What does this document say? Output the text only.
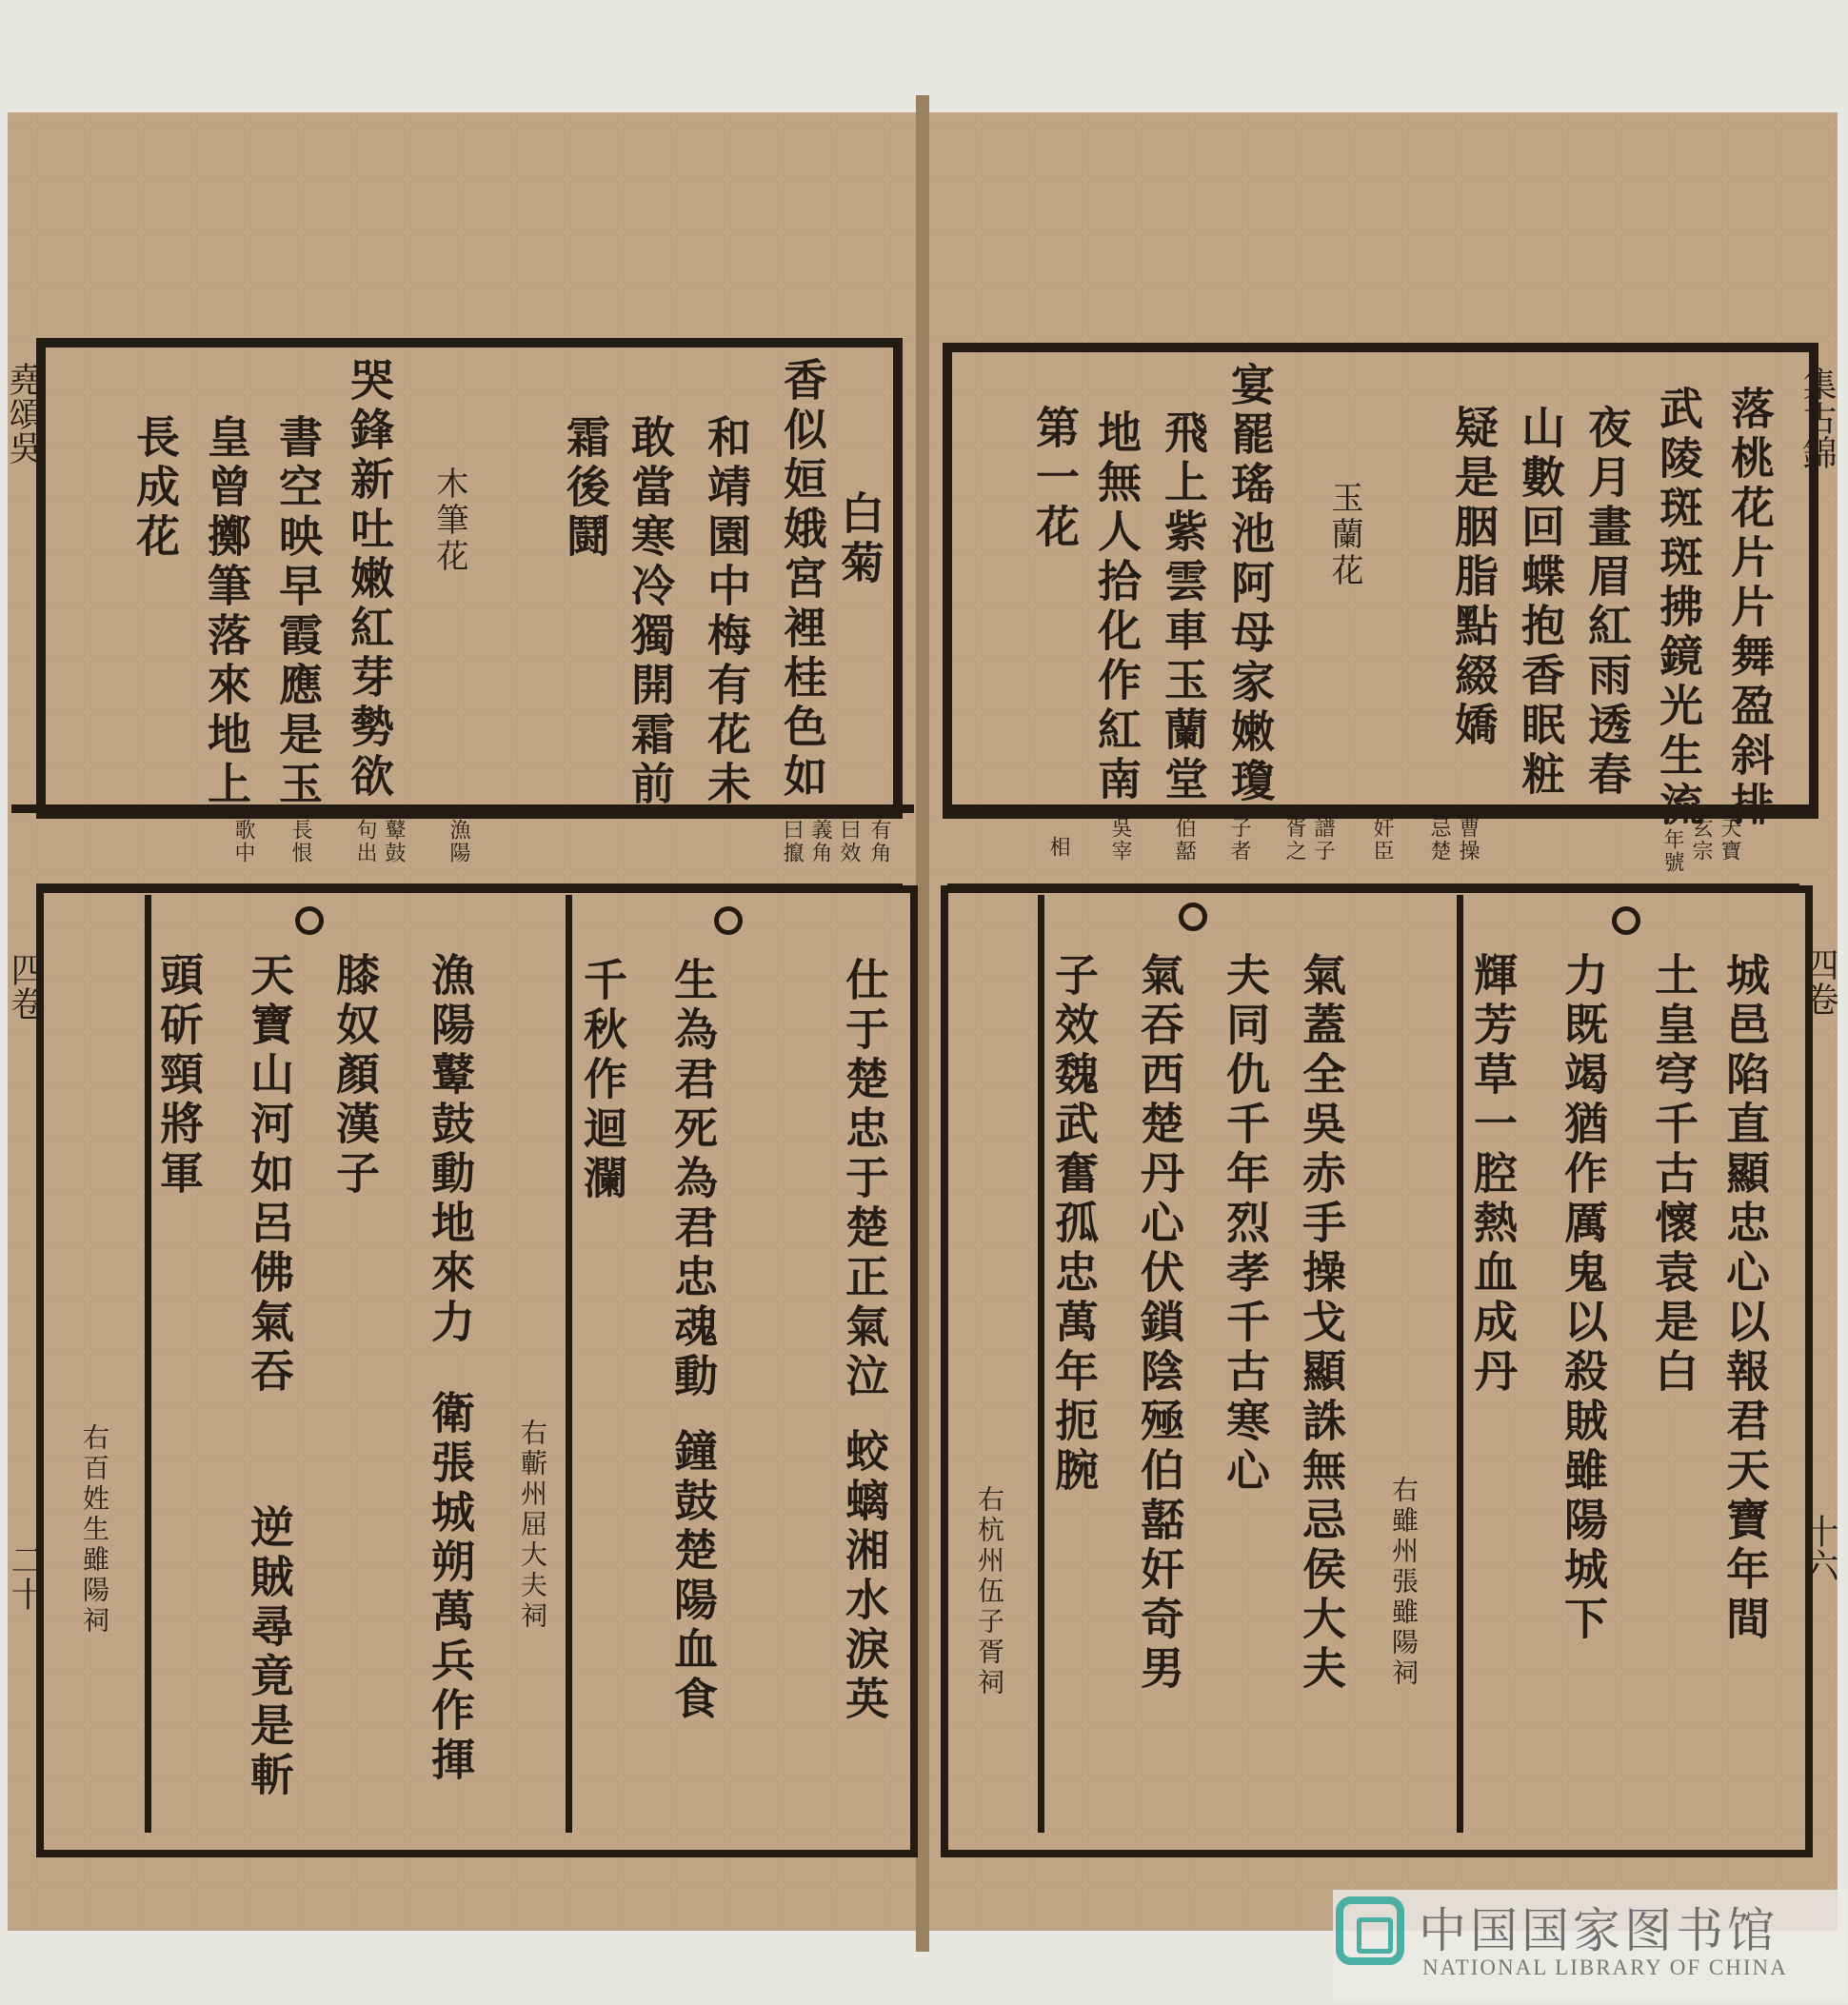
堯頌吳
四卷
二十
白菊
香似姮娥宮裡桂色如
和靖園中梅有花未
敢當寒冷獨開霜前
霜後鬪
木筆花
哭鋒新吐嫩紅芽勢欲
書空映早霞應是玉
皇曾擲筆落來地上
長成花
有角
曰效
義角
曰攛
漁陽
鼙鼓
句出
長恨
歌中
仕于楚忠于楚正氣泣
蛟螭湘水淚英
生為君死為君忠魂動
鐘鼓楚陽血食
千秋作迴瀾
右蘄州屈大夫祠
漁陽鼙鼓動地來力
衛張城朔萬兵作揮
膝奴顏漢子
天寶山河如呂佛氣吞
頭斫頸將軍
逆賊尋竟是斬
右百姓生雖陽祠
集古錦
四卷
十六
落桃花片片舞盈斜排
武陵斑斑拂鏡光生流
夜月畫眉紅雨透春
山數回蝶抱香眠粧
疑是胭脂點綴嬌
玉蘭花
宴罷瑤池阿母家嫩瓊
飛上紫雲車玉蘭堂
地無人拾化作紅南
第一花
天寶
玄宗
年號
曹操
忌楚
奸臣
譜子
胥之
子者
伯嚭
吳宰
相
城邑陷直顯忠心以報君天寶年間
土皇穹千古懷袁是白
力既竭猶作厲鬼以殺賊雖陽城下
輝芳草一腔熱血成丹
右雖州張雖陽祠
氣蓋全吳赤手操戈顯誅無忌侯大夫
夫同仇千年烈孝千古寒心
氣吞西楚丹心伏鎖陰殛伯嚭奸奇男
子效魏武奮孤忠萬年扼腕
右杭州伍子胥祠
中国国家图书馆
NATIONAL LIBRARY OF CHINA
